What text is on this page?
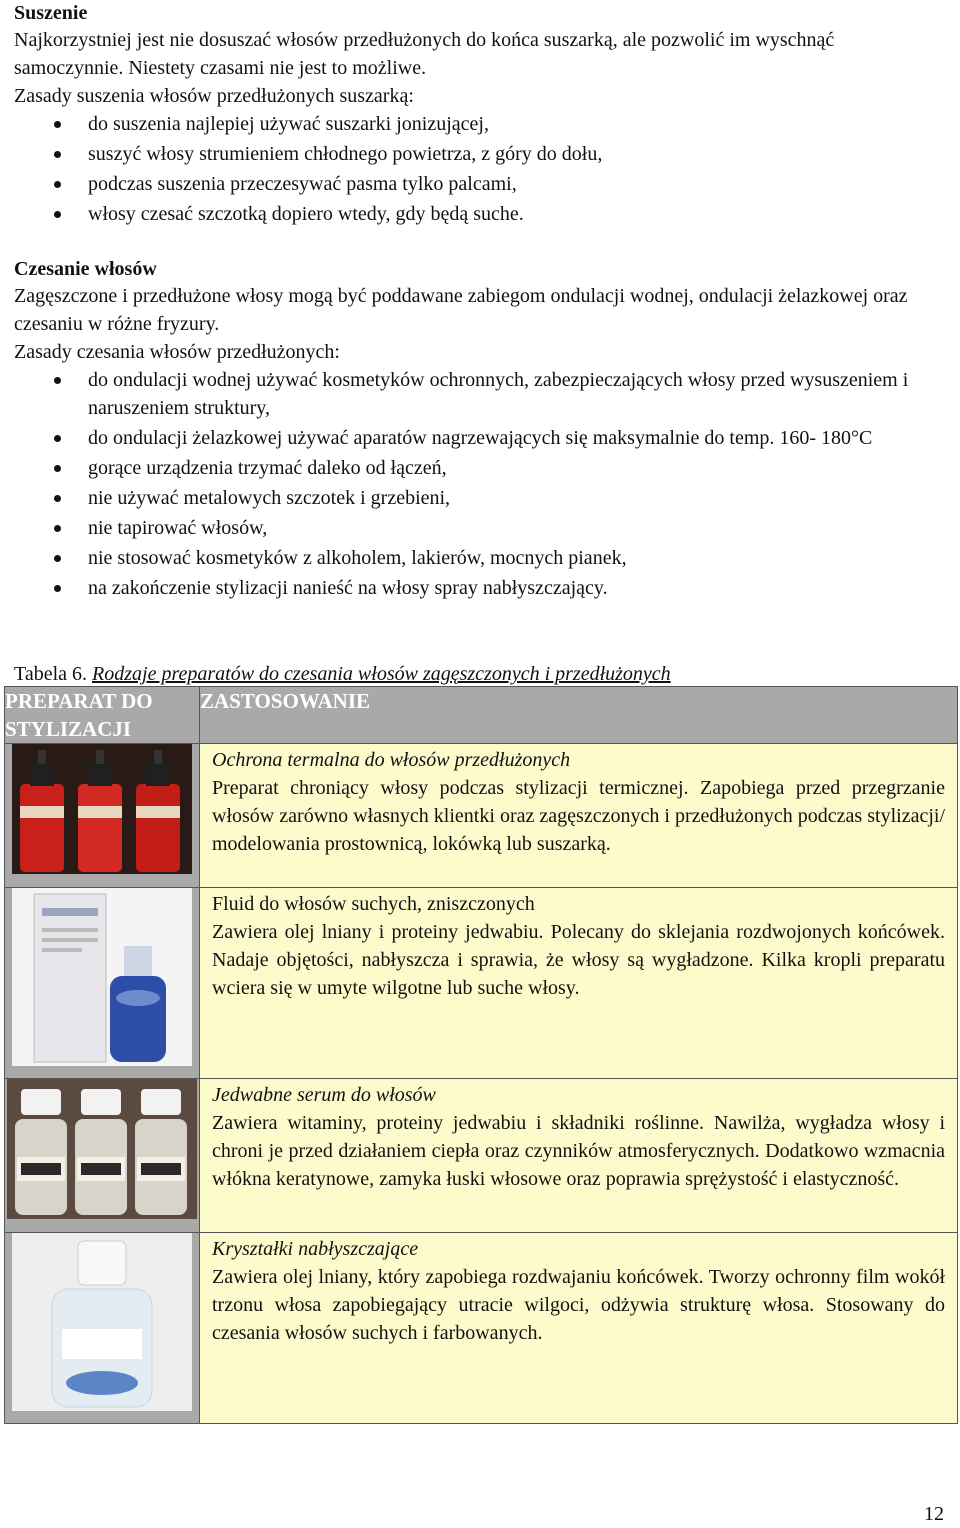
Suszenie

Najkorzystniej jest nie dosuszać włosów przedłużonych do końca suszarką, ale pozwolić im wyschnąć samoczynnie. Niestety czasami nie jest to możliwe.

Zasady suszenia włosów przedłużonych suszarką:

do suszenia najlepiej używać suszarki jonizującej,
suszyć włosy strumieniem chłodnego powietrza, z góry do dołu,
podczas suszenia przeczesywać pasma tylko palcami,
włosy czesać szczotką dopiero wtedy, gdy będą suche.
Czesanie włosów

Zagęszczone i przedłużone włosy mogą być poddawane zabiegom ondulacji wodnej, ondulacji żelazkowej oraz czesaniu w różne fryzury.

Zasady czesania włosów przedłużonych:

do ondulacji wodnej używać kosmetyków ochronnych, zabezpieczających włosy przed wysuszeniem i naruszeniem struktury,
do ondulacji żelazkowej używać aparatów nagrzewających się maksymalnie do temp. 160- 180°C
gorące urządzenia trzymać daleko od łączeń,
nie używać metalowych szczotek i grzebieni,
nie tapirować włosów,
nie stosować kosmetyków z alkoholem, lakierów, mocnych pianek,
na zakończenie stylizacji nanieść na włosy spray nabłyszczający.
Tabela 6. Rodzaje preparatów do czesania włosów zagęszczonych i przedłużonych
PREPARAT DO STYLIZACJI	ZASTOSOWANIE

Ochrona termalna do włosów przedłużonych
Preparat chroniący włosy podczas stylizacji termicznej. Zapobiega przed przegrzanie włosów zarówno własnych klientki oraz zagęszczonych i przedłużonych podczas stylizacji/ modelowania prostownicą, lokówką lub suszarką.

Fluid do włosów suchych, zniszczonych
Zawiera olej lniany i proteiny jedwabiu. Polecany do sklejania rozdwojonych końcówek. Nadaje objętości, nabłyszcza i sprawia, że włosy są wygładzone. Kilka kropli preparatu wciera się w umyte wilgotne lub suche włosy.

Jedwabne serum do włosów
Zawiera witaminy, proteiny jedwabiu i składniki roślinne. Nawilża, wygładza włosy i chroni je przed działaniem ciepła oraz czynników atmosferycznych. Dodatkowo wzmacnia włókna keratynowe, zamyka łuski włosowe oraz poprawia sprężystość i elastyczność.

Kryształki nabłyszczające
Zawiera olej lniany, który zapobiega rozdwajaniu końcówek. Tworzy ochronny film wokół trzonu włosa zapobiegający utracie wilgoci, odżywia strukturę włosa. Stosowany do czesania włosów suchych i farbowanych.
12
